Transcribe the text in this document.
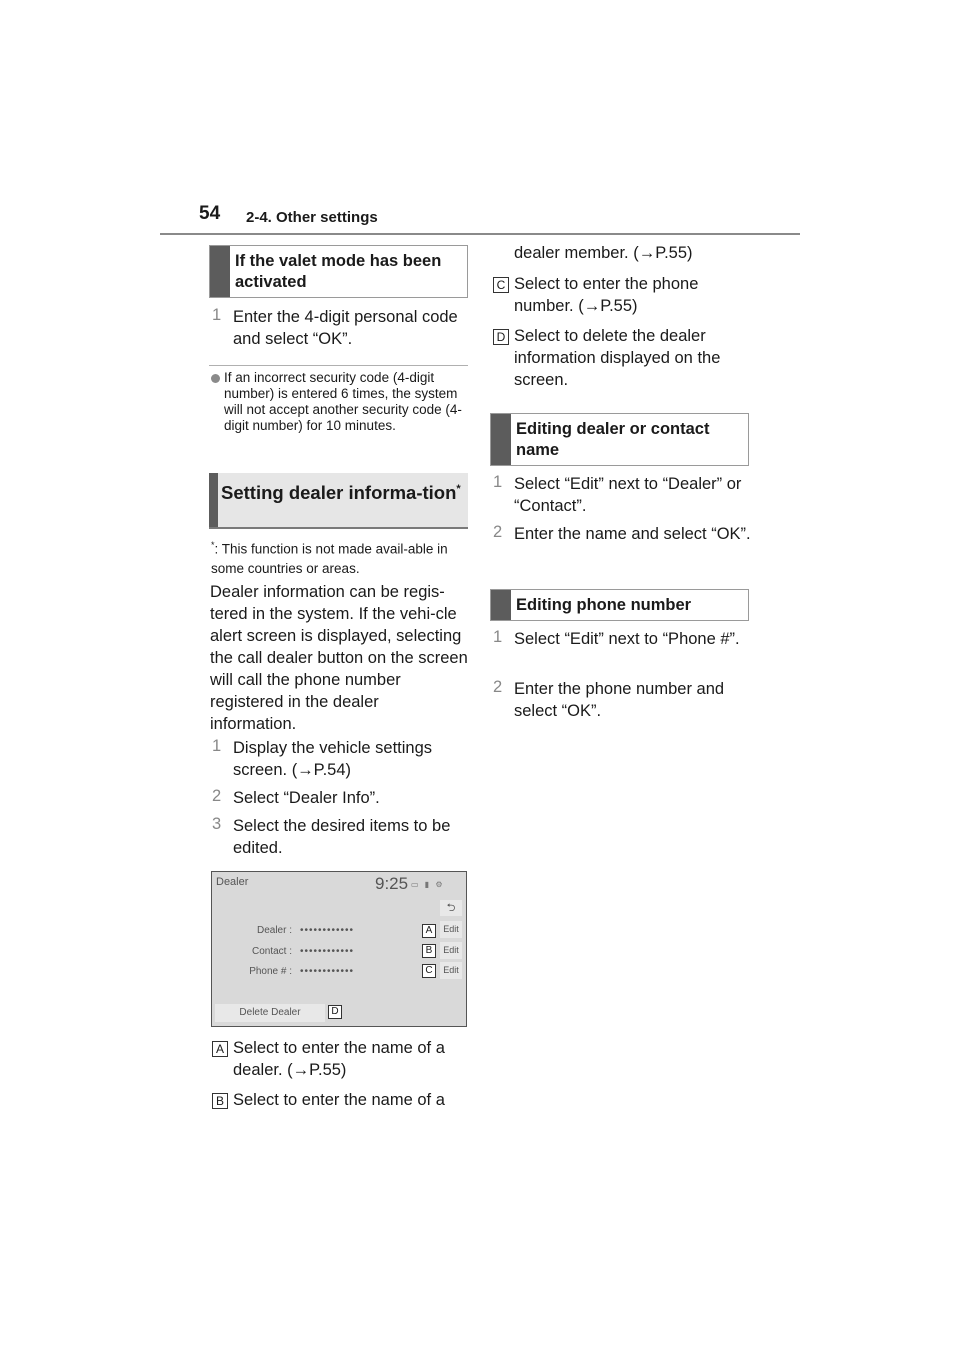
54 2-4. Other settings
If the valet mode has been activated
1 Enter the 4-digit personal code and select “OK”.
If an incorrect security code (4-digit number) is entered 6 times, the system will not accept another security code (4-digit number) for 10 minutes.
Setting dealer informa-tion*
*: This function is not made avail-able in some countries or areas.
Dealer information can be regis-tered in the system. If the vehi-cle alert screen is displayed, selecting the call dealer button on the screen will call the phone number registered in the dealer information.
1 Display the vehicle settings screen. (→P.54)
2 Select “Dealer Info”.
3 Select the desired items to be edited.
Dealer	9:25 ▭ ▮ ⚙
⮌
Dealer : ••••••••••••	A	Edit
Contact : ••••••••••••	B	Edit
Phone # : ••••••••••••	C	Edit
Delete Dealer	D
A Select to enter the name of a dealer. (→P.55)
B Select to enter the name of a
dealer member. (→P.55)
C Select to enter the phone number. (→P.55)
D Select to delete the dealer information displayed on the screen.
Editing dealer or contact name
1 Select “Edit” next to “Dealer” or “Contact”.
2 Enter the name and select “OK”.
Editing phone number
1 Select “Edit” next to “Phone #”.
2 Enter the phone number and select “OK”.
